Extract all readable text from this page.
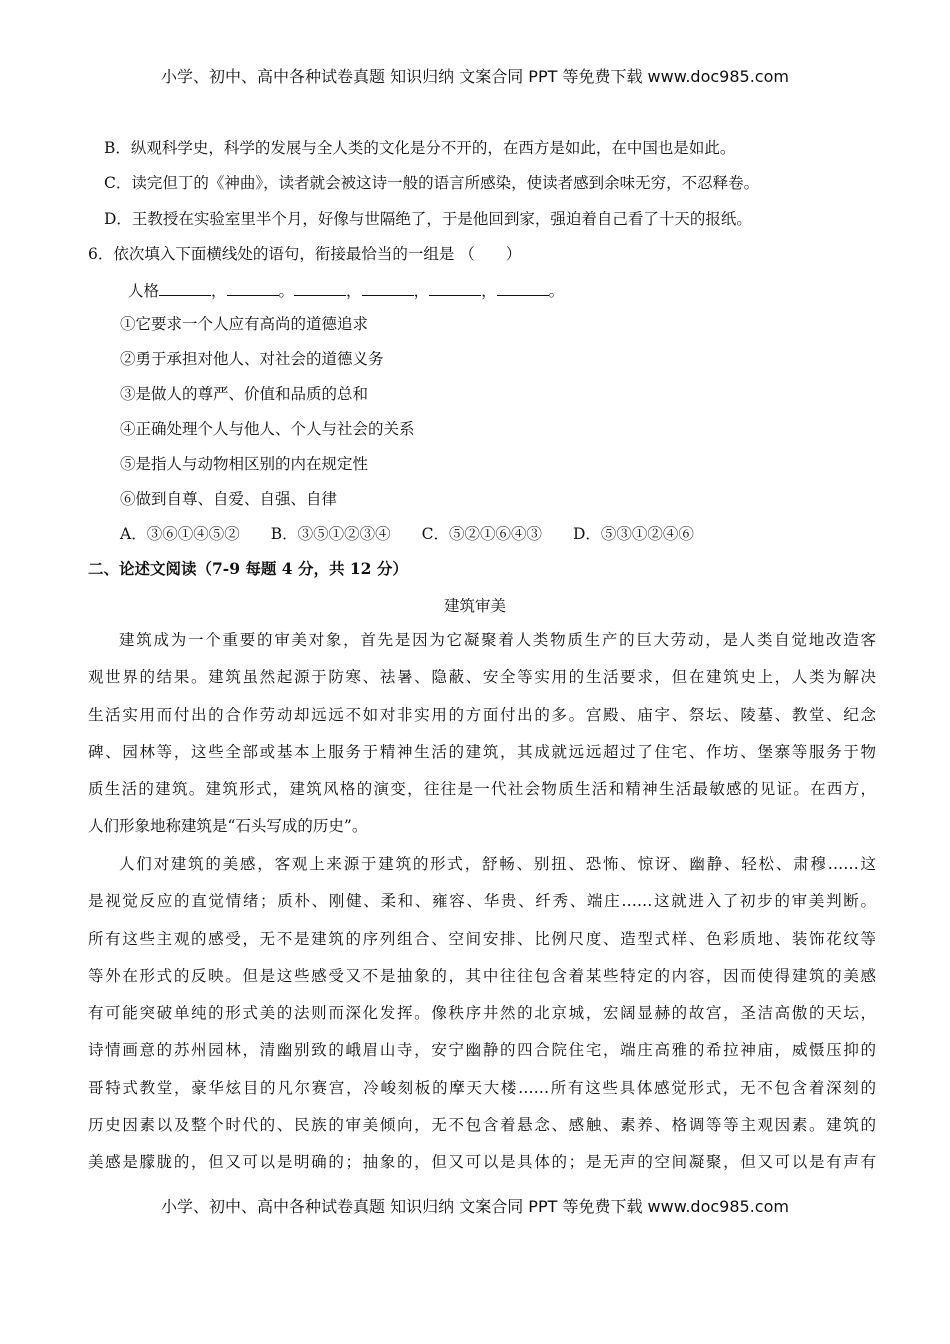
小学、初中、高中各种试卷真题 知识归纳 文案合同 PPT 等免费下载 www.doc985.com
B．纵观科学史，科学的发展与全人类的文化是分不开的，在西方是如此，在中国也是如此。
C．读完但丁的《神曲》，读者就会被这诗一般的语言所感染，使读者感到余味无穷，不忍释卷。
D．王教授在实验室里半个月，好像与世隔绝了，于是他回到家，强迫着自己看了十天的报纸。
6．依次填入下面横线处的语句，衔接最恰当的一组是 （　　）
人格	，	。	，	，	，	。
①它要求一个人应有高尚的道德追求
②勇于承担对他人、对社会的道德义务
③是做人的尊严、价值和品质的总和
④正确处理个人与他人、个人与社会的关系
⑤是指人与动物相区别的内在规定性
⑥做到自尊、自爱、自强、自律
A．③⑥①④⑤②　　B．③⑤①②③④　　C．⑤②①⑥④③　　D．⑤③①②④⑥
二、论述文阅读（7-9 每题 4 分，共 12 分）
建筑审美

建筑成为一个重要的审美对象，首先是因为它凝聚着人类物质生产的巨大劳动，是人类自觉地改造客

观世界的结果。建筑虽然起源于防寒、祛暑、隐蔽、安全等实用的生活要求，但在建筑史上，人类为解决

生活实用而付出的合作劳动却远远不如对非实用的方面付出的多。宫殿、庙宇、祭坛、陵墓、教堂、纪念

碑、园林等，这些全部或基本上服务于精神生活的建筑，其成就远远超过了住宅、作坊、堡寨等服务于物

质生活的建筑。建筑形式，建筑风格的演变，往往是一代社会物质生活和精神生活最敏感的见证。在西方，

人们形象地称建筑是“石头写成的历史”。

人们对建筑的美感，客观上来源于建筑的形式，舒畅、别扭、恐怖、惊讶、幽静、轻松、肃穆……这

是视觉反应的直觉情绪；质朴、刚健、柔和、雍容、华贵、纤秀、端庄……这就进入了初步的审美判断。

所有这些主观的感受，无不是建筑的序列组合、空间安排、比例尺度、造型式样、色彩质地、装饰花纹等

等外在形式的反映。但是这些感受又不是抽象的，其中往往包含着某些特定的内容，因而使得建筑的美感

有可能突破单纯的形式美的法则而深化发挥。像秩序井然的北京城，宏阔显赫的故宫，圣洁高傲的天坛，

诗情画意的苏州园林，清幽别致的峨眉山寺，安宁幽静的四合院住宅，端庄高雅的希拉神庙，威慑压抑的

哥特式教堂，豪华炫目的凡尔赛宫，冷峻刻板的摩天大楼……所有这些具体感觉形式，无不包含着深刻的

历史因素以及整个时代的、民族的审美倾向，无不包含着悬念、感触、素养、格调等等主观因素。建筑的

美感是朦胧的，但又可以是明确的；抽象的，但又可以是具体的；是无声的空间凝聚，但又可以是有声有

小学、初中、高中各种试卷真题 知识归纳 文案合同 PPT 等免费下载 www.doc985.com
